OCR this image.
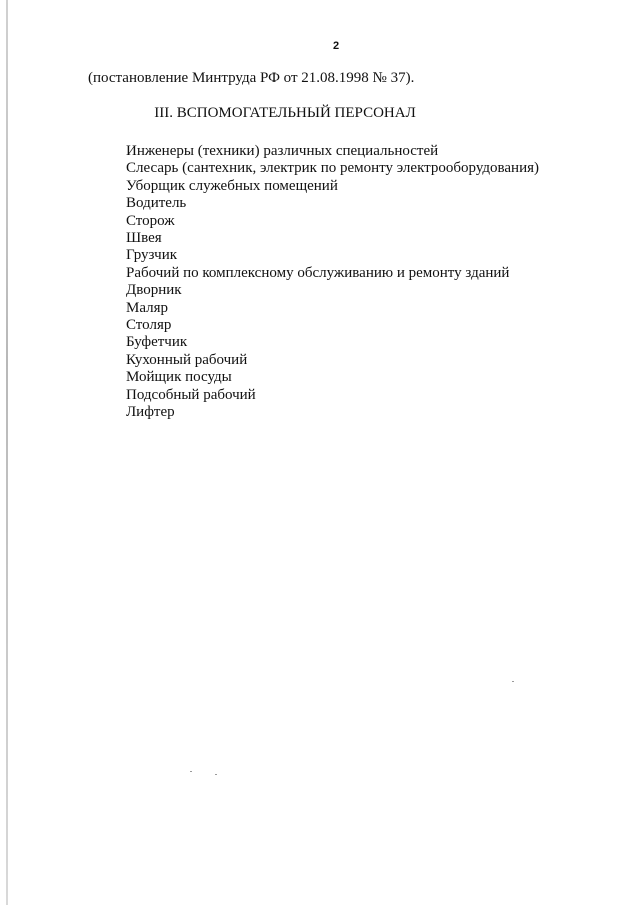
2
(постановление Минтруда РФ от 21.08.1998 № 37).
III. ВСПОМОГАТЕЛЬНЫЙ ПЕРСОНАЛ
Инженеры (техники) различных специальностей
Слесарь (сантехник, электрик по ремонту электрооборудования)
Уборщик служебных помещений
Водитель
Сторож
Швея
Грузчик
Рабочий по комплексному обслуживанию и ремонту зданий
Дворник
Маляр
Столяр
Буфетчик
Кухонный рабочий
Мойщик посуды
Подсобный рабочий
Лифтер
